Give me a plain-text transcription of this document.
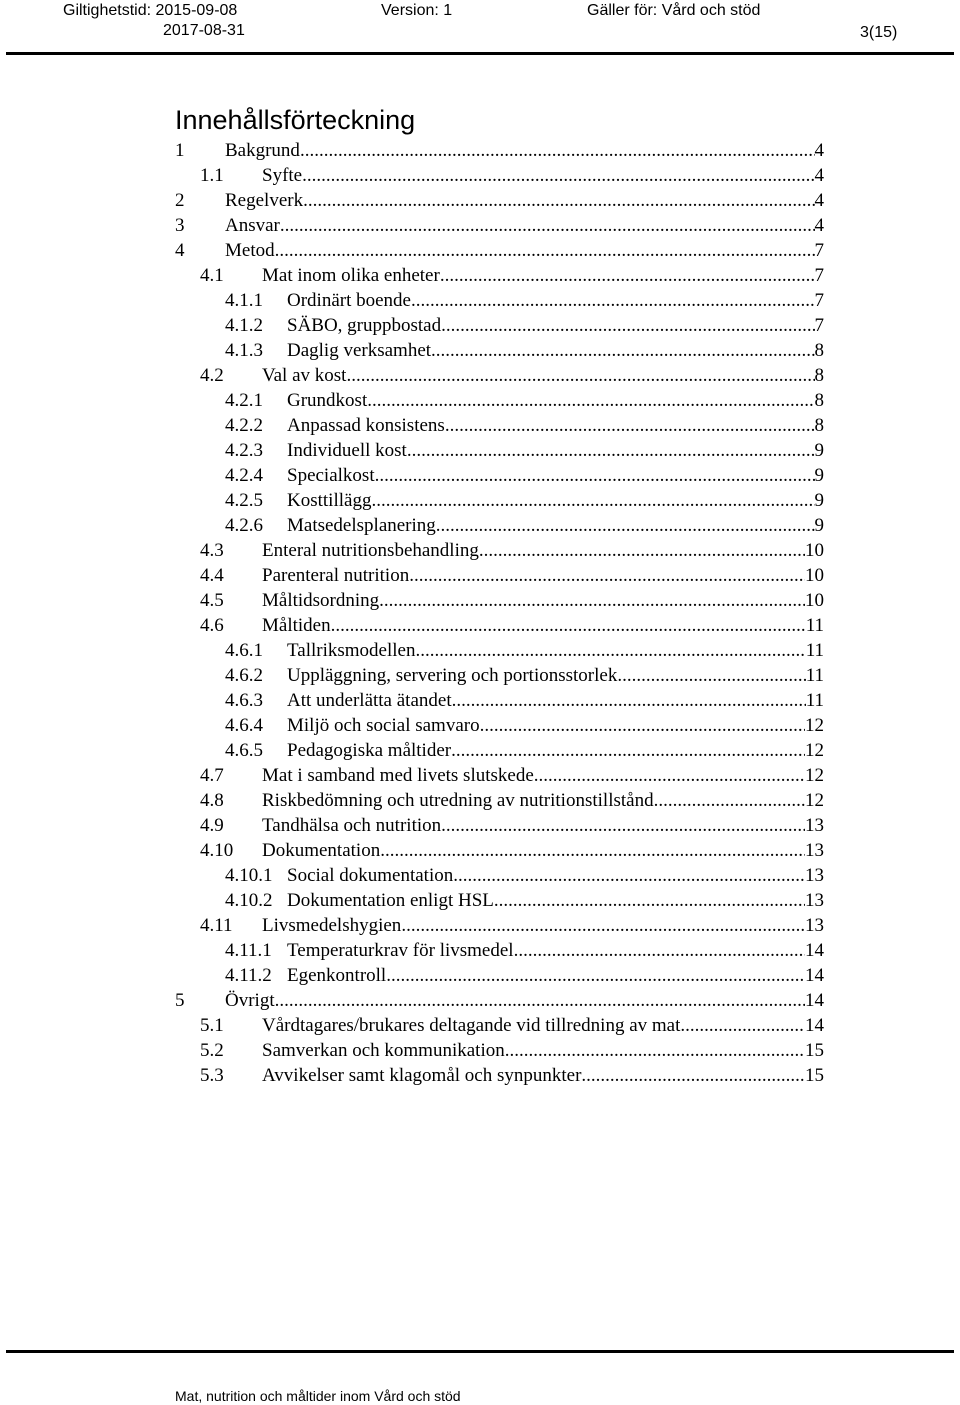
Giltighetstid: 2015-09-08
2017-08-31
Version: 1	Gäller för: Vård och stöd
3(15)
Innehållsförteckning
1 Bakgrund .....	4
1.1 Syfte .....	4
2 Regelverk .....	4
3 Ansvar .....	4
4 Metod .....	7
4.1 Mat inom olika enheter .....	7
4.1.1 Ordinärt boende .....	7
4.1.2 SÄBO, gruppbostad .....	7
4.1.3 Daglig verksamhet .....	8
4.2 Val av kost .....	8
4.2.1 Grundkost .....	8
4.2.2 Anpassad konsistens .....	8
4.2.3 Individuell kost .....	9
4.2.4 Specialkost .....	9
4.2.5 Kosttillägg .....	9
4.2.6 Matsedelsplanering .....	9
4.3 Enteral nutritionsbehandling .....	10
4.4 Parenteral nutrition .....	10
4.5 Måltidsordning .....	10
4.6 Måltiden .....	11
4.6.1 Tallriksmodellen .....	11
4.6.2 Uppläggning, servering och portionsstorlek .....	11
4.6.3 Att underlätta ätandet .....	11
4.6.4 Miljö och social samvaro .....	12
4.6.5 Pedagogiska måltider .....	12
4.7 Mat i samband med livets slutskede .....	12
4.8 Riskbedömning och utredning av nutritionstillstånd .....	12
4.9 Tandhälsa och nutrition .....	13
4.10 Dokumentation .....	13
4.10.1 Social dokumentation .....	13
4.10.2 Dokumentation enligt HSL .....	13
4.11 Livsmedelshygien .....	13
4.11.1 Temperaturkrav för livsmedel .....	14
4.11.2 Egenkontroll .....	14
5 Övrigt .....	14
5.1 Vårdtagares/brukares deltagande vid tillredning av mat .....	14
5.2 Samverkan och kommunikation .....	15
5.3 Avvikelser samt klagomål och synpunkter .....	15
Mat, nutrition och måltider inom Vård och stöd
